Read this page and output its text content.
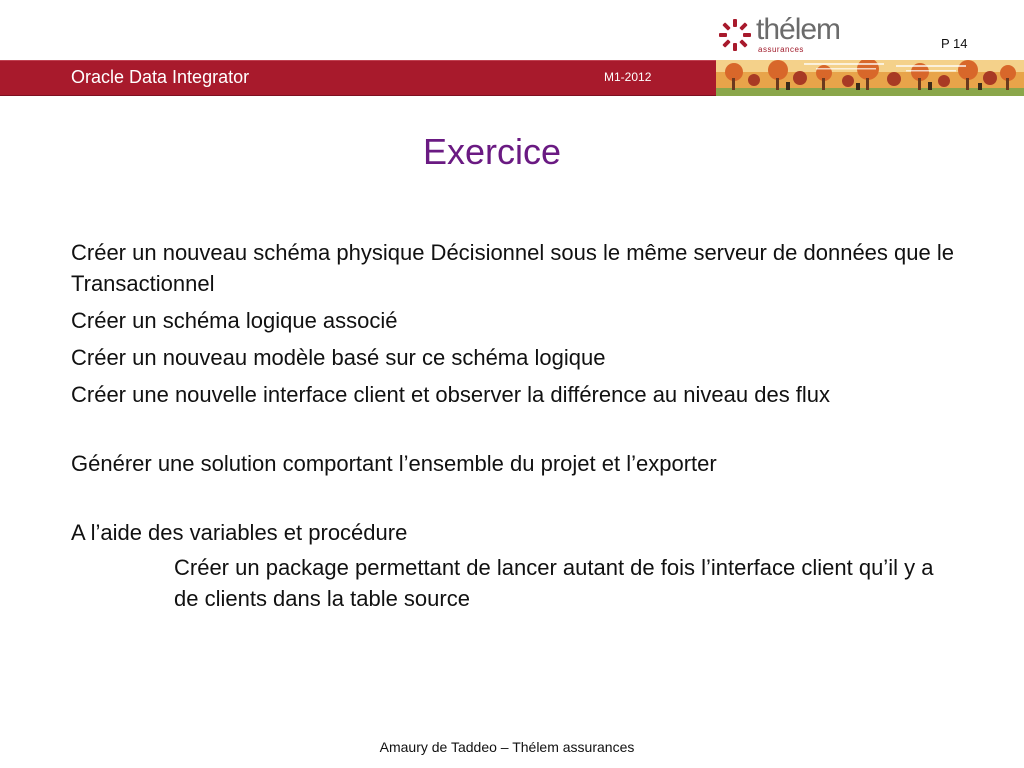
thélem
assurances	P 14
Oracle Data Integrator	M1-2012
Exercice

Créer un nouveau schéma physique Décisionnel sous le même serveur de données que le Transactionnel

Créer un schéma logique associé

Créer un nouveau modèle basé sur ce schéma logique

Créer une nouvelle interface client et observer la différence au niveau des flux

Générer une solution comportant l’ensemble du projet et l’exporter

A l’aide des variables et procédure

Créer un package permettant de lancer autant de fois l’interface client qu’il y a de clients dans la table source

Amaury de Taddeo – Thélem assurances
